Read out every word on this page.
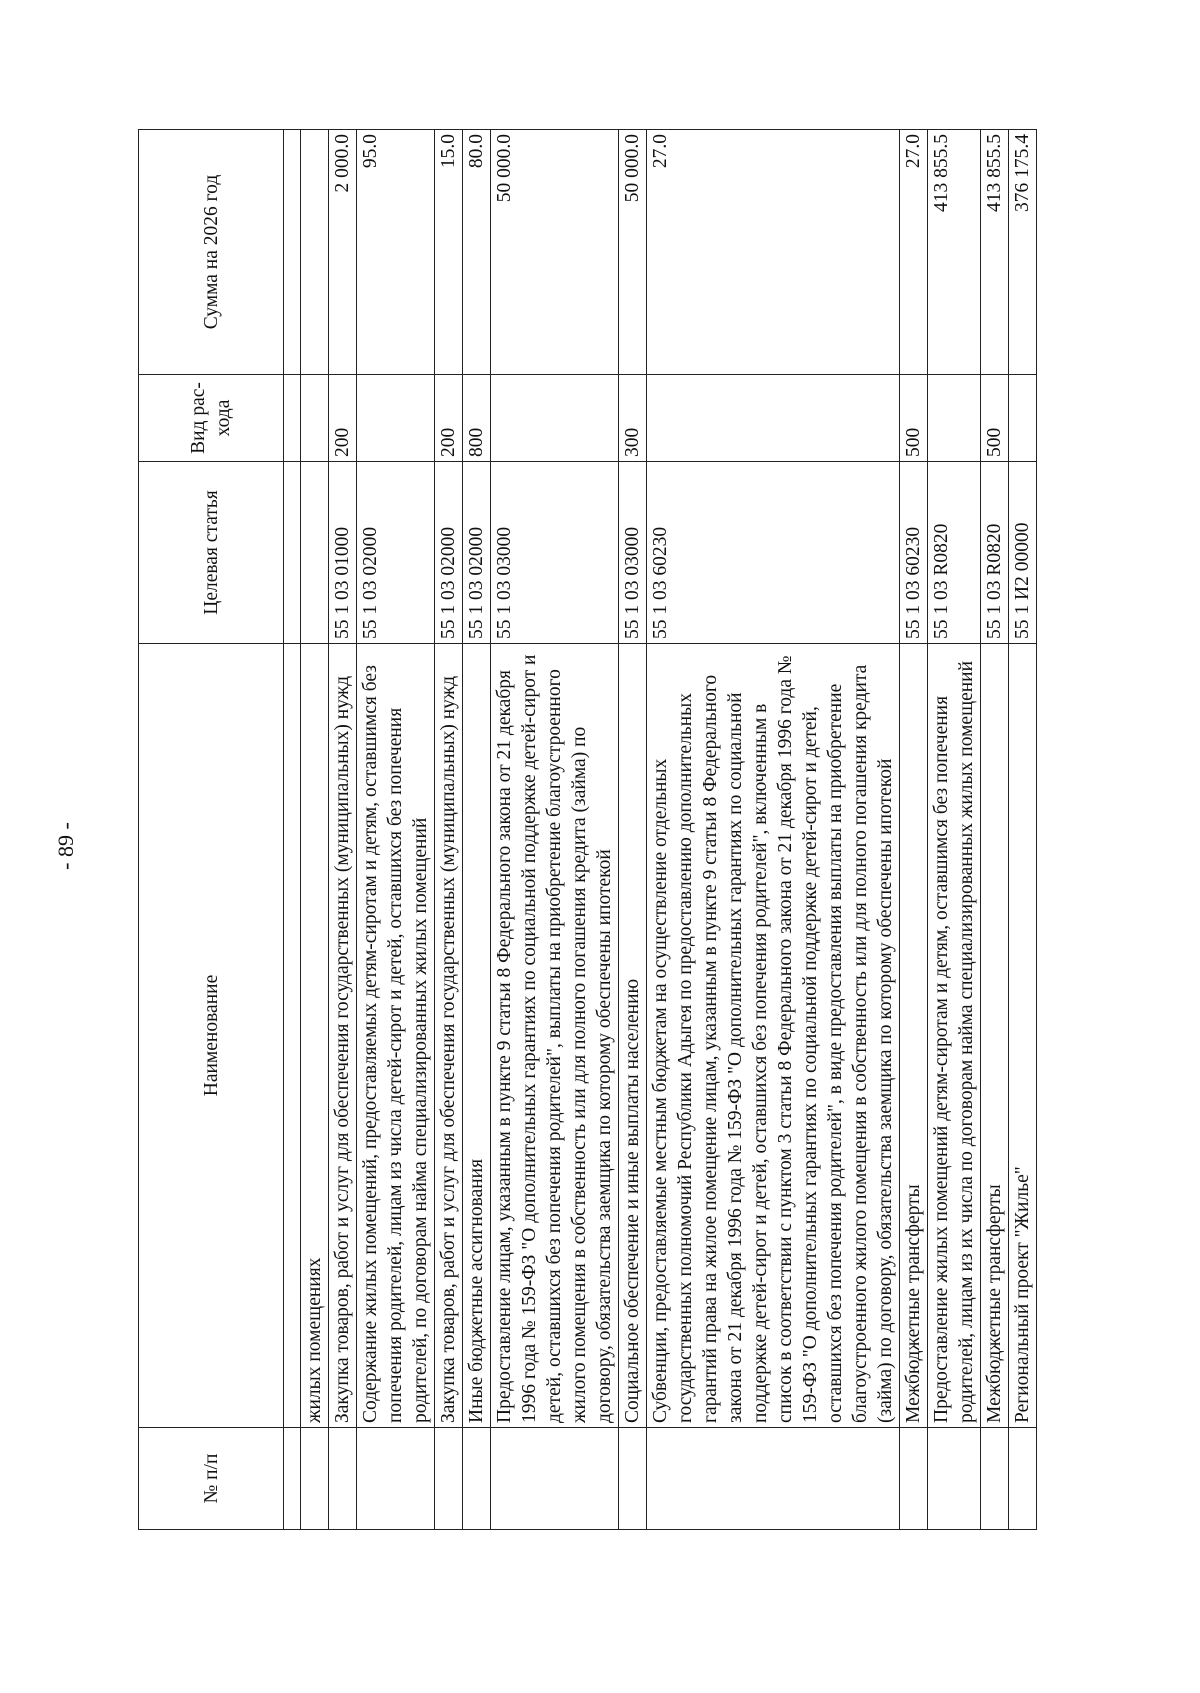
- 89 -
№ п/п	Наименование	Целевая статья	Вид рас-хода	Сумма на 2026 год

	жилых помещениях			
	Закупка товаров, работ и услуг для обеспечения государственных (муниципальных) нужд	55 1 03 01000	200	2 000.0
	Содержание жилых помещений, предоставляемых детям-сиротам и детям, оставшимся без попечения родителей, лицам из числа детей-сирот и детей, оставшихся без попечения родителей, по договорам найма специализированных жилых помещений	55 1 03 02000		95.0
	Закупка товаров, работ и услуг для обеспечения государственных (муниципальных) нужд	55 1 03 02000	200	15.0
	Иные бюджетные ассигнования	55 1 03 02000	800	80.0
	Предоставление лицам, указанным в пункте 9 статьи 8 Федерального закона от 21 декабря 1996 года № 159-ФЗ "О дополнительных гарантиях по социальной поддержке детей-сирот и детей, оставшихся без попечения родителей", выплаты на приобретение благоустроенного жилого помещения в собственность или для полного погашения кредита (займа) по договору, обязательства заемщика по которому обеспечены ипотекой	55 1 03 03000		50 000.0
	Социальное обеспечение и иные выплаты населению	55 1 03 03000	300	50 000.0
	Субвенции, предоставляемые местным бюджетам на осуществление отдельных государственных полномочий Республики Адыгея по предоставлению дополнительных гарантий права на жилое помещение лицам, указанным в пункте 9 статьи 8 Федерального закона от 21 декабря 1996 года № 159-ФЗ "О дополнительных гарантиях по социальной поддержке детей-сирот и детей, оставшихся без попечения родителей", включенным в список в соответствии с пунктом 3 статьи 8 Федерального закона от 21 декабря 1996 года № 159-ФЗ "О дополнительных гарантиях по социальной поддержке детей-сирот и детей, оставшихся без попечения родителей", в виде предоставления выплаты на приобретение благоустроенного жилого помещения в собственность или для полного погашения кредита (займа) по договору, обязательства заемщика по которому обеспечены ипотекой	55 1 03 60230		27.0
	Межбюджетные трансферты	55 1 03 60230	500	27.0
	Предоставление жилых помещений детям-сиротам и детям, оставшимся без попечения родителей, лицам из их числа по договорам найма специализированных жилых помещений	55 1 03 R0820		413 855.5
	Межбюджетные трансферты	55 1 03 R0820	500	413 855.5
	Региональный проект "Жилье"	55 1 И2 00000		376 175.4
